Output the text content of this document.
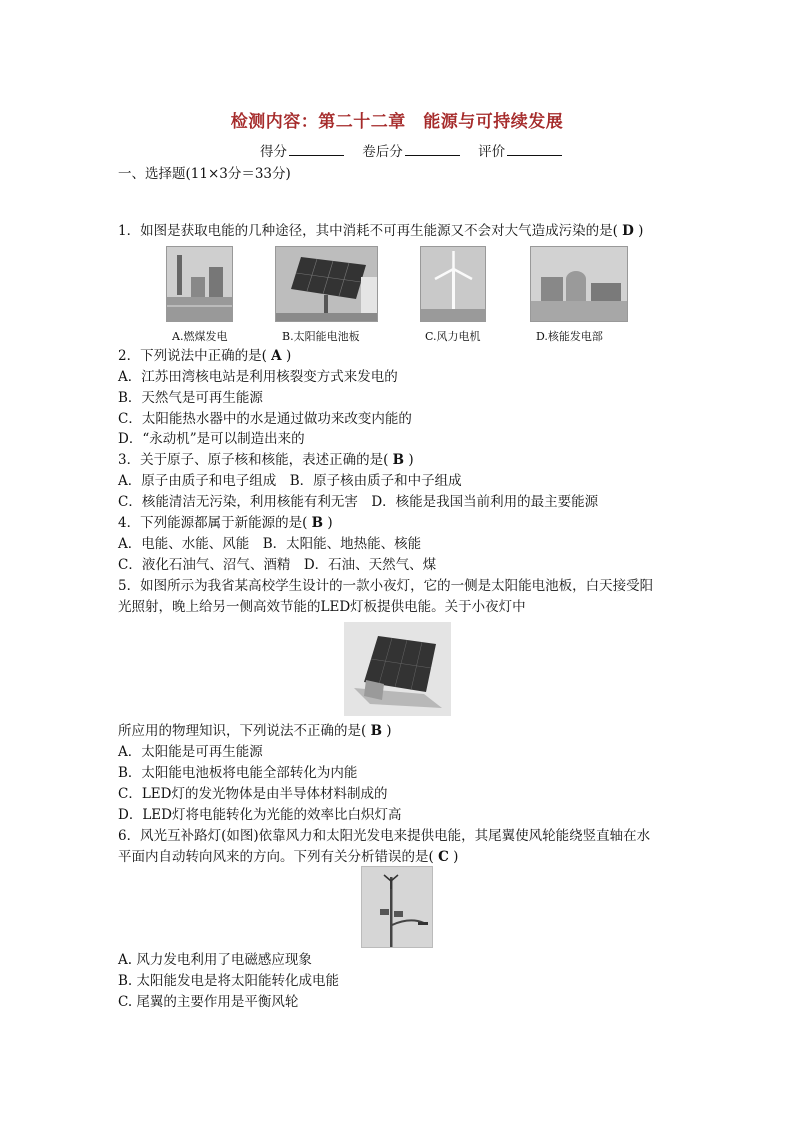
检测内容：第二十二章　能源与可持续发展
得分	卷后分	评价
一、选择题(11×3分＝33分)
1．如图是获取电能的几种途径，其中消耗不可再生能源又不会对大气造成污染的是( D )
A.燃煤发电	B.太阳能电池板	C.风力电机	D.核能发电部
2．下列说法中正确的是( A )
A．江苏田湾核电站是利用核裂变方式来发电的
B．天然气是可再生能源
C．太阳能热水器中的水是通过做功来改变内能的
D．“永动机”是可以制造出来的
3．关于原子、原子核和核能，表述正确的是( B )
A．原子由质子和电子组成　B．原子核由质子和中子组成
C．核能清洁无污染，利用核能有利无害　D．核能是我国当前利用的最主要能源
4．下列能源都属于新能源的是( B )
A．电能、水能、风能　B．太阳能、地热能、核能
C．液化石油气、沼气、酒精　D．石油、天然气、煤
5．如图所示为我省某高校学生设计的一款小夜灯，它的一侧是太阳能电池板，白天接受阳
光照射，晚上给另一侧高效节能的LED灯板提供电能。关于小夜灯中
所应用的物理知识，下列说法不正确的是( B )
A．太阳能是可再生能源
B．太阳能电池板将电能全部转化为内能
C．LED灯的发光物体是由半导体材料制成的
D．LED灯将电能转化为光能的效率比白炽灯高
6．风光互补路灯(如图)依靠风力和太阳光发电来提供电能，其尾翼使风轮能绕竖直轴在水
平面内自动转向风来的方向。下列有关分析错误的是( C )
A. 风力发电利用了电磁感应现象
B. 太阳能发电是将太阳能转化成电能
C. 尾翼的主要作用是平衡风轮
